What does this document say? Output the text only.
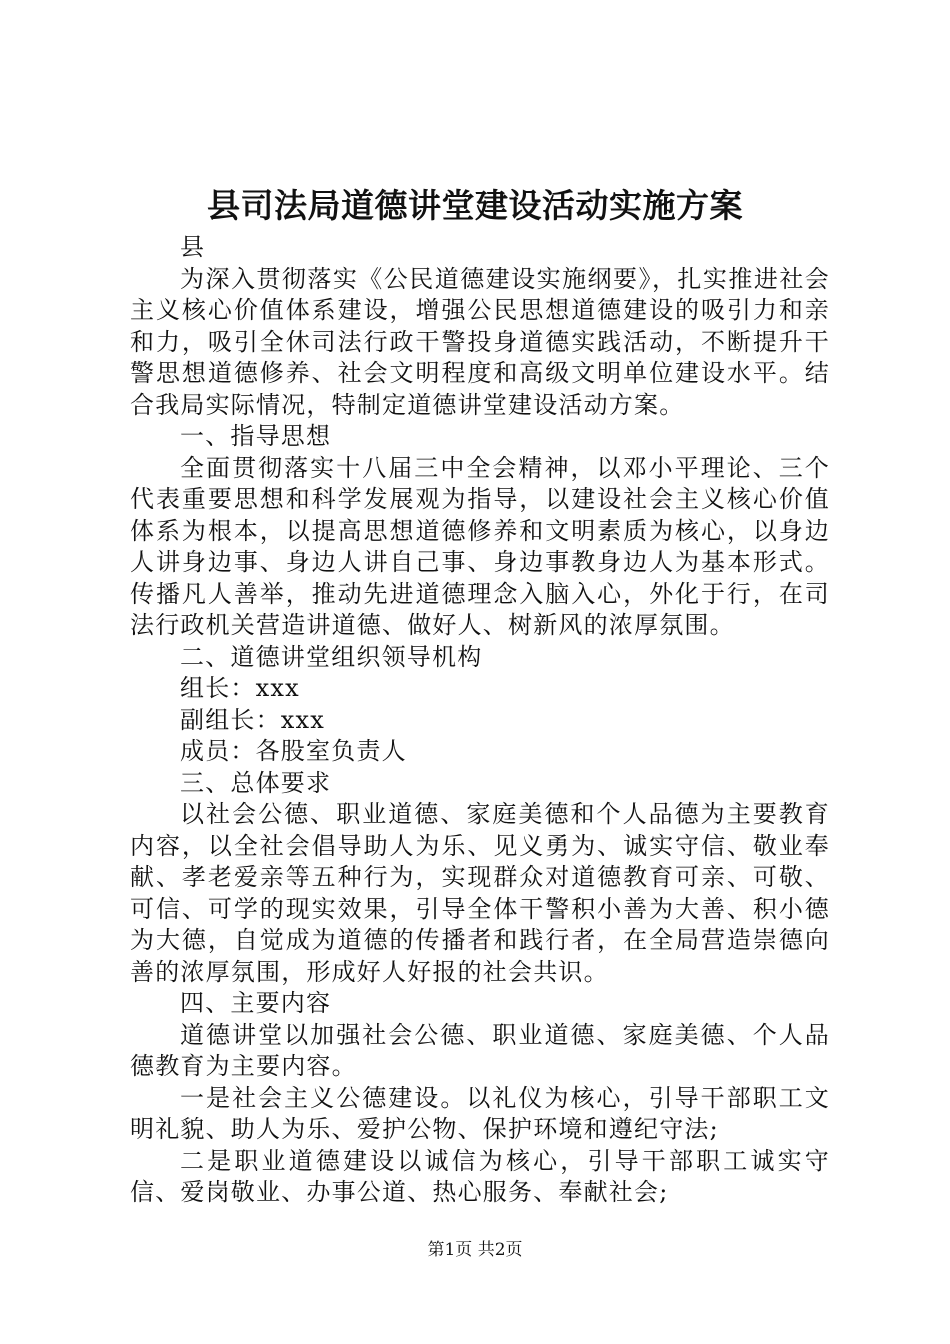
县司法局道德讲堂建设活动实施方案

县

为深入贯彻落实《公民道德建设实施纲要》，扎实推进社会主义核心价值体系建设，增强公民思想道德建设的吸引力和亲和力，吸引全休司法行政干警投身道德实践活动，不断提升干警思想道德修养、社会文明程度和高级文明单位建设水平。结合我局实际情况，特制定道德讲堂建设活动方案。

一、指导思想

全面贯彻落实十八届三中全会精神，以邓小平理论、三个代表重要思想和科学发展观为指导，以建设社会主义核心价值体系为根本，以提高思想道德修养和文明素质为核心，以身边人讲身边事、身边人讲自己事、身边事教身边人为基本形式。传播凡人善举，推动先进道德理念入脑入心，外化于行，在司法行政机关营造讲道德、做好人、树新风的浓厚氛围。

二、道德讲堂组织领导机构

组长：xxx

副组长：xxx

成员：各股室负责人

三、总体要求

以社会公德、职业道德、家庭美德和个人品德为主要教育内容，以全社会倡导助人为乐、见义勇为、诚实守信、敬业奉献、孝老爱亲等五种行为，实现群众对道德教育可亲、可敬、可信、可学的现实效果，引导全体干警积小善为大善、积小德为大德，自觉成为道德的传播者和践行者，在全局营造崇德向善的浓厚氛围，形成好人好报的社会共识。

四、主要内容

道德讲堂以加强社会公德、职业道德、家庭美德、个人品德教育为主要内容。

一是社会主义公德建设。以礼仪为核心，引导干部职工文明礼貌、助人为乐、爱护公物、保护环境和遵纪守法;

二是职业道德建设以诚信为核心，引导干部职工诚实守信、爱岗敬业、办事公道、热心服务、奉献社会;

第1页 共2页
